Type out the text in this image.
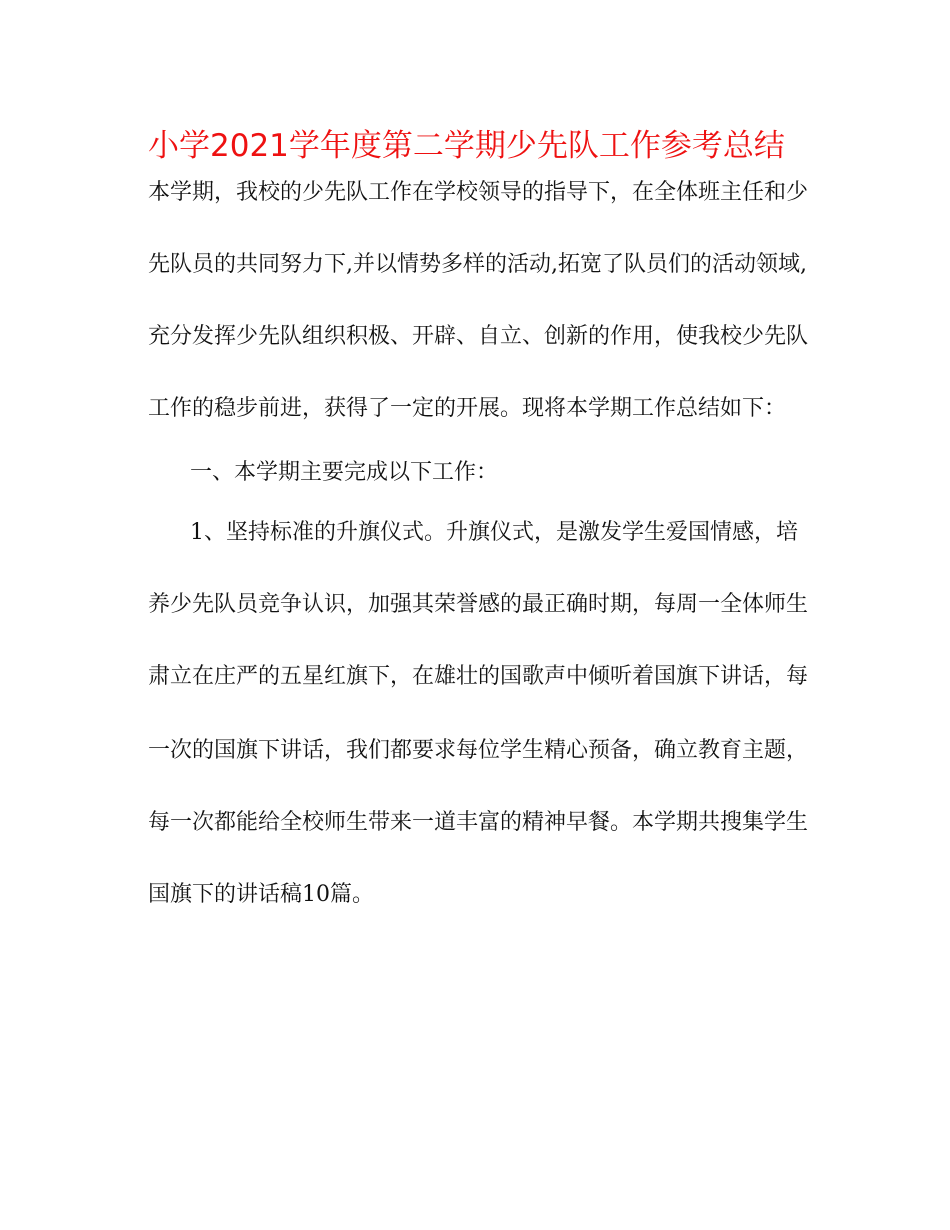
小学2021学年度第二学期少先队工作参考总结
本学期，我校的少先队工作在学校领导的指导下，在全体班主任和少
先队员的共同努力下,并以情势多样的活动,拓宽了队员们的活动领域,
充分发挥少先队组织积极、开辟、自立、创新的作用，使我校少先队
工作的稳步前进，获得了一定的开展。现将本学期工作总结如下：
一、本学期主要完成以下工作：
1、坚持标准的升旗仪式。升旗仪式，是激发学生爱国情感，培
养少先队员竞争认识，加强其荣誉感的最正确时期，每周一全体师生
肃立在庄严的五星红旗下，在雄壮的国歌声中倾听着国旗下讲话，每
一次的国旗下讲话，我们都要求每位学生精心预备，确立教育主题，
每一次都能给全校师生带来一道丰富的精神早餐。本学期共搜集学生
国旗下的讲话稿10篇。
